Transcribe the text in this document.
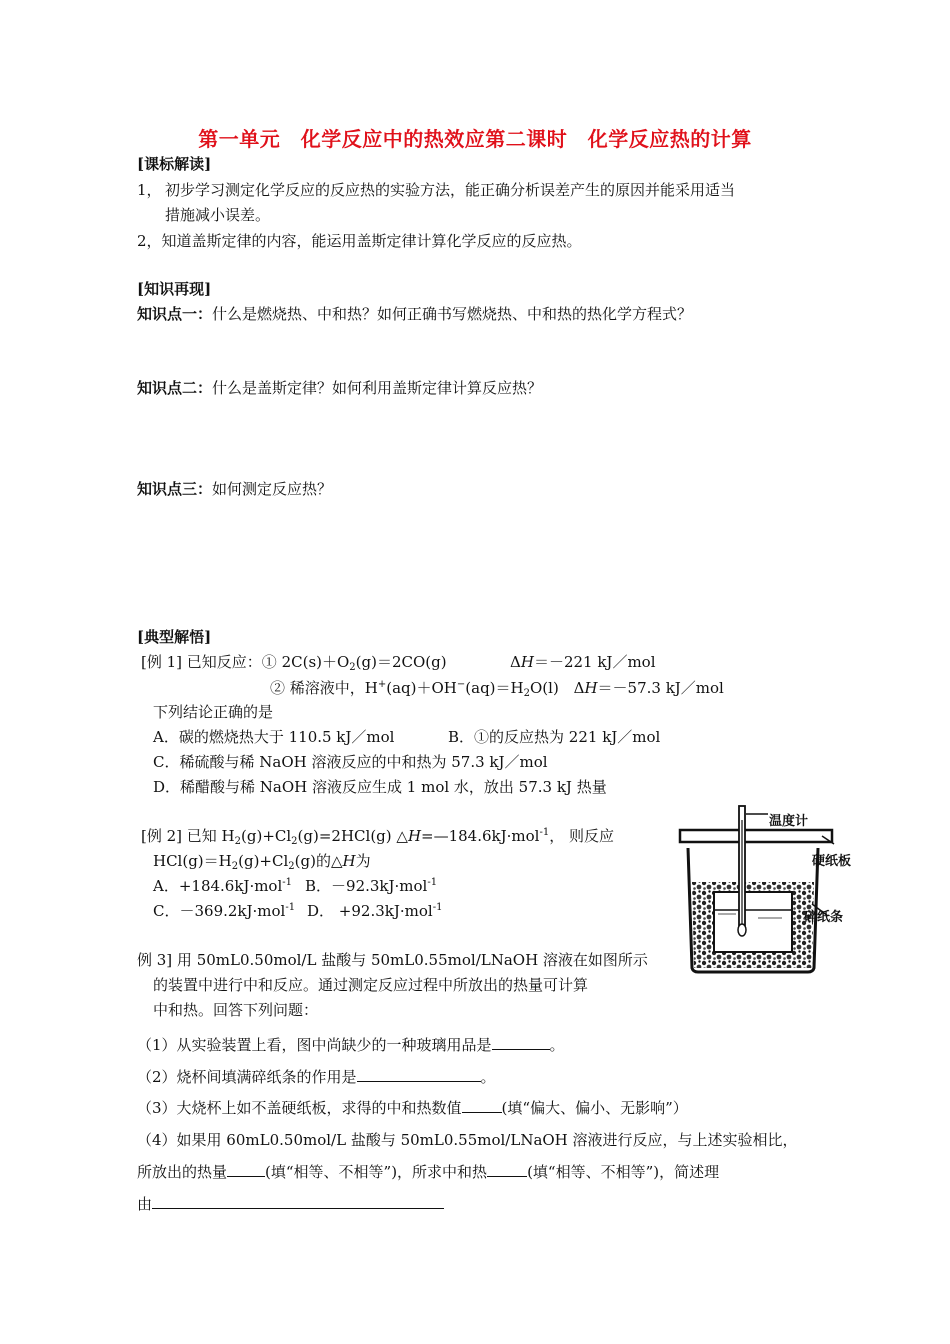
第一单元　化学反应中的热效应第二课时　化学反应热的计算
[课标解读]
1， 初步学习测定化学反应的反应热的实验方法，能正确分析误差产生的原因并能采用适当
措施减小误差。
2，知道盖斯定律的内容，能运用盖斯定律计算化学反应的反应热。
[知识再现]
知识点一：什么是燃烧热、中和热？如何正确书写燃烧热、中和热的热化学方程式？
知识点二：什么是盖斯定律？如何利用盖斯定律计算反应热？
知识点三：如何测定反应热？
[典型解悟]
[例 1] 已知反应：① $2C(s)+O_2(g)=2CO(g)$	ΔH＝－221 kJ／mol
② 稀溶液中，$H^+(aq)+OH^-(aq)=H_2O(l)$ ΔH＝－57.3 kJ／mol
下列结论正确的是
A．碳的燃烧热大于 110.5 kJ／mol	B．①的反应热为 221 kJ／mol
C．稀硫酸与稀 NaOH 溶液反应的中和热为 57.3 kJ／mol
D．稀醋酸与稀 NaOH 溶液反应生成 1 mol 水，放出 57.3 kJ 热量
[例 2] 已知 $H_2(g)+Cl_2(g)=2HCl(g)$ △H=—184.6kJ·mol$^{-1}$， 则反应
$HCl(g)=H_2(g)+Cl_2(g)$的△H为
A．+184.6kJ·mol$^{-1}$ B．－92.3kJ·mol$^{-1}$
C．－369.2kJ·mol$^{-1}$ D． +92.3kJ·mol$^{-1}$
例 3] 用 50mL0.50mol/L 盐酸与 50mL0.55mol/LNaOH 溶液在如图所示
的装置中进行中和反应。通过测定反应过程中所放出的热量可计算
中和热。回答下列问题：
（1）从实验装置上看，图中尚缺少的一种玻璃用品是	。
（2）烧杯间填满碎纸条的作用是	。
（3）大烧杯上如不盖硬纸板，求得的中和热数值	(填“偏大、偏小、无影响”）
（4）如果用 60mL0.50mol/L 盐酸与 50mL0.55mol/LNaOH 溶液进行反应，与上述实验相比，
所放出的热量	(填“相等、不相等”)，所求中和热	(填“相等、不相等”)，简述理
由
温度计
硬纸板
碎纸条
